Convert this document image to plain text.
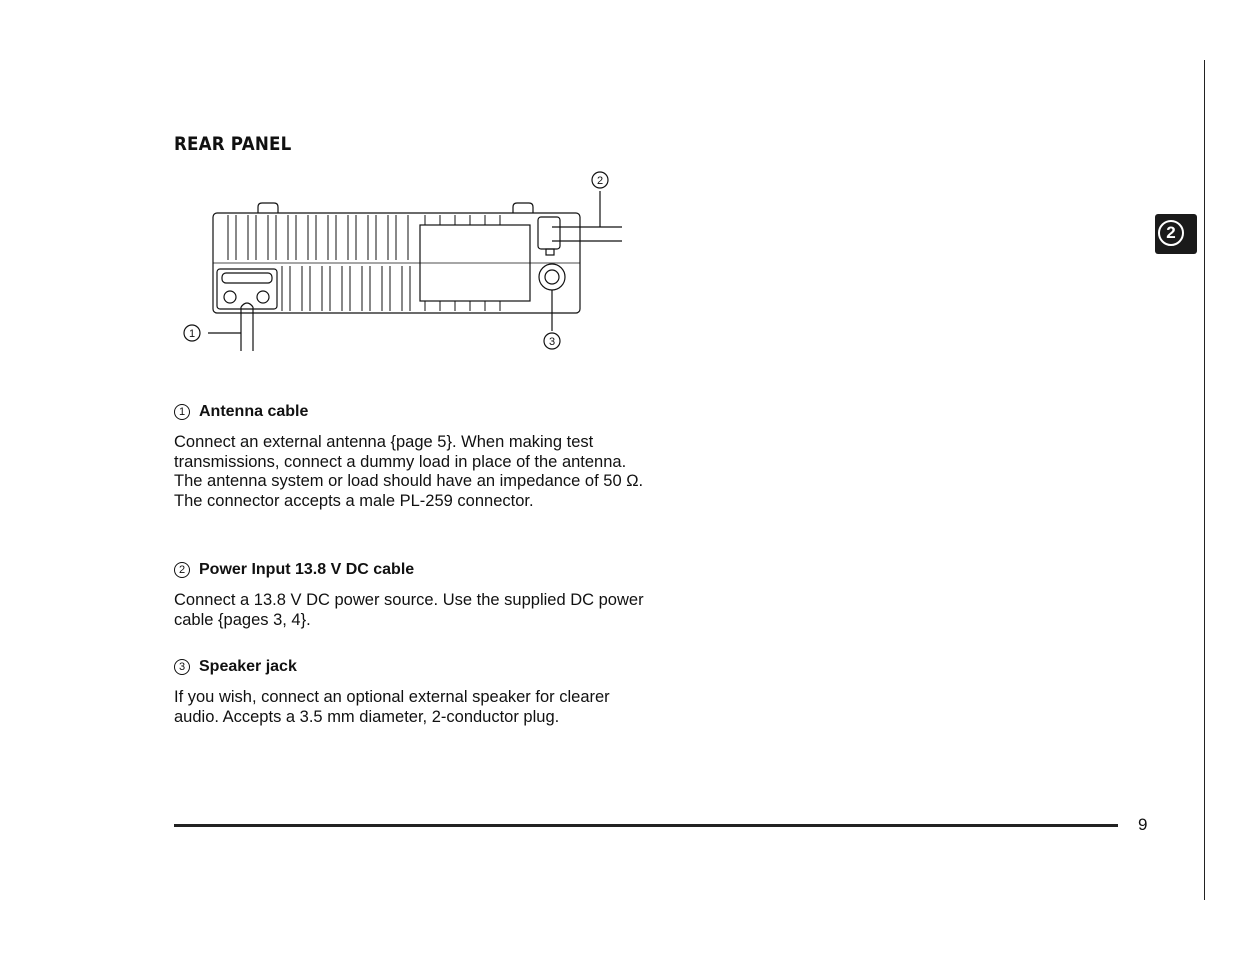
2
REAR PANEL
1
2
3

1 Antenna cable

Connect an external antenna {page 5}. When making test transmissions, connect a dummy load in place of the antenna. The antenna system or load should have an impedance of 50 Ω. The connector accepts a male PL-259 connector.

2 Power Input 13.8 V DC cable

Connect a 13.8 V DC power source. Use the supplied DC power cable {pages 3, 4}.

3 Speaker jack

If you wish, connect an optional external speaker for clearer audio. Accepts a 3.5 mm diameter, 2-conductor plug.

9
